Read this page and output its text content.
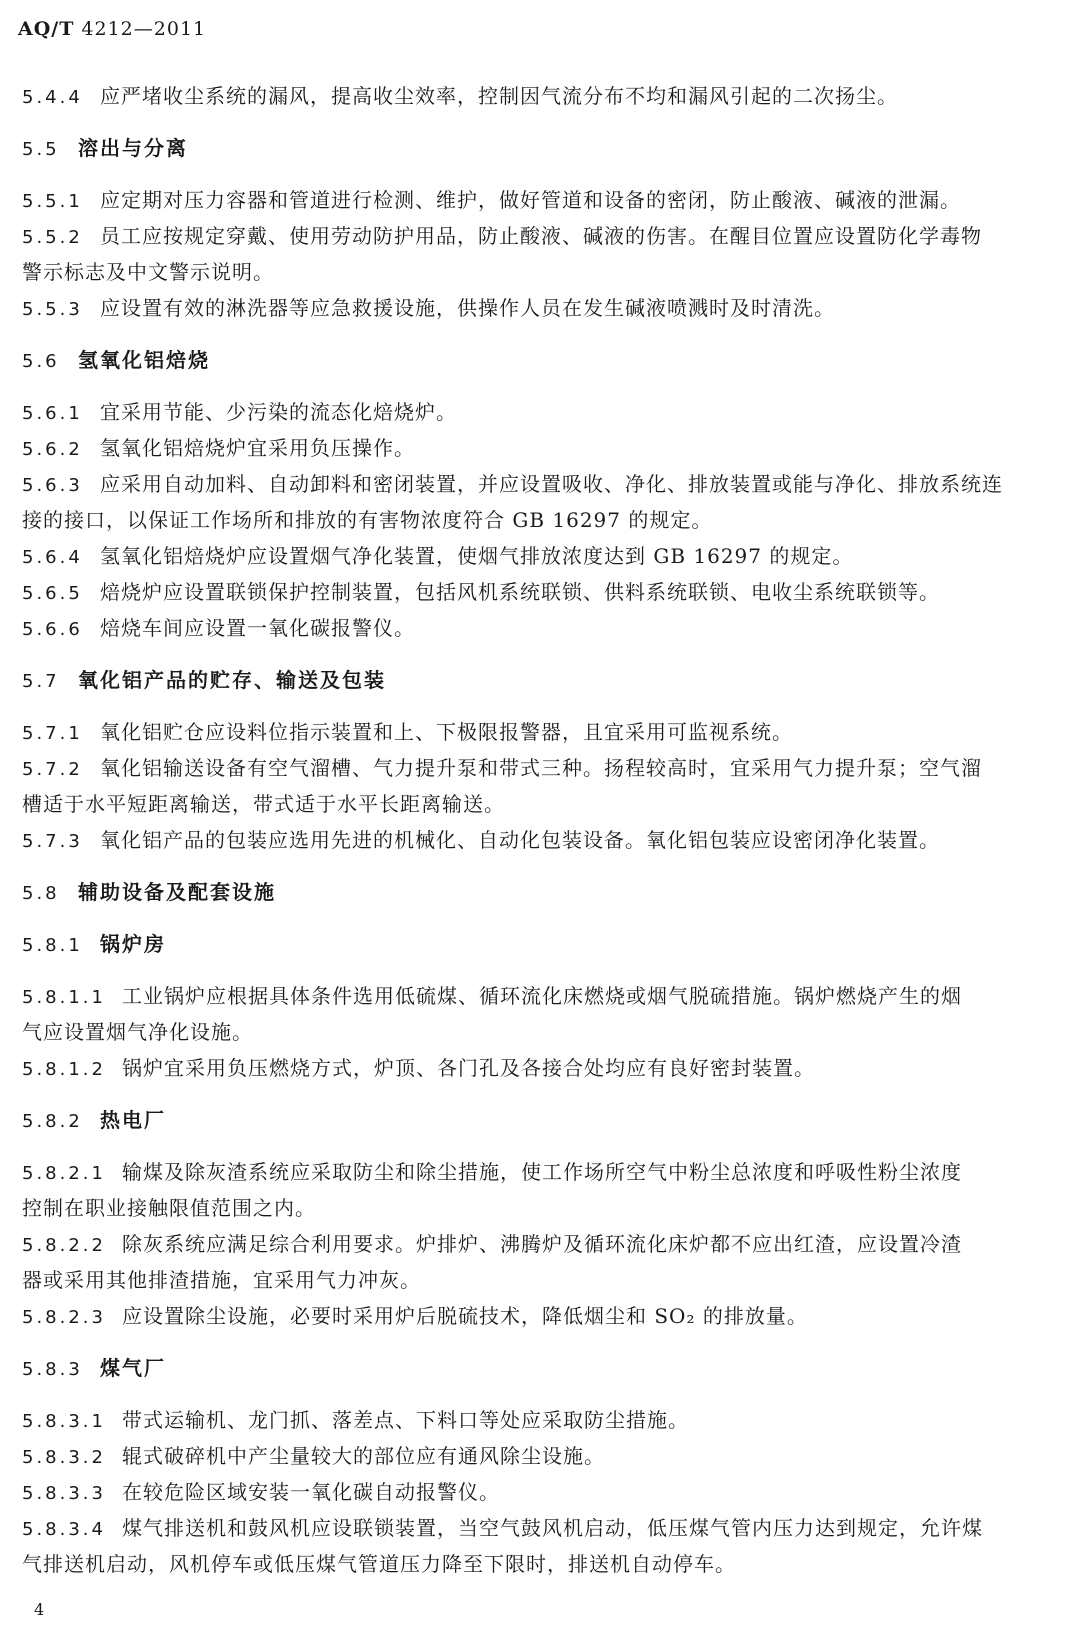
AQ/T 4212—2011
5.4.4 应严堵收尘系统的漏风，提高收尘效率，控制因气流分布不均和漏风引起的二次扬尘。
5.5 溶出与分离
5.5.1 应定期对压力容器和管道进行检测、维护，做好管道和设备的密闭，防止酸液、碱液的泄漏。
5.5.2 员工应按规定穿戴、使用劳动防护用品，防止酸液、碱液的伤害。在醒目位置应设置防化学毒物
警示标志及中文警示说明。
5.5.3 应设置有效的淋洗器等应急救援设施，供操作人员在发生碱液喷溅时及时清洗。
5.6 氢氧化铝焙烧
5.6.1 宜采用节能、少污染的流态化焙烧炉。
5.6.2 氢氧化铝焙烧炉宜采用负压操作。
5.6.3 应采用自动加料、自动卸料和密闭装置，并应设置吸收、净化、排放装置或能与净化、排放系统连
接的接口，以保证工作场所和排放的有害物浓度符合 GB 16297 的规定。
5.6.4 氢氧化铝焙烧炉应设置烟气净化装置，使烟气排放浓度达到 GB 16297 的规定。
5.6.5 焙烧炉应设置联锁保护控制装置，包括风机系统联锁、供料系统联锁、电收尘系统联锁等。
5.6.6 焙烧车间应设置一氧化碳报警仪。
5.7 氧化铝产品的贮存、输送及包装
5.7.1 氧化铝贮仓应设料位指示装置和上、下极限报警器，且宜采用可监视系统。
5.7.2 氧化铝输送设备有空气溜槽、气力提升泵和带式三种。扬程较高时，宜采用气力提升泵；空气溜
槽适于水平短距离输送，带式适于水平长距离输送。
5.7.3 氧化铝产品的包装应选用先进的机械化、自动化包装设备。氧化铝包装应设密闭净化装置。
5.8 辅助设备及配套设施
5.8.1 锅炉房
5.8.1.1 工业锅炉应根据具体条件选用低硫煤、循环流化床燃烧或烟气脱硫措施。锅炉燃烧产生的烟
气应设置烟气净化设施。
5.8.1.2 锅炉宜采用负压燃烧方式，炉顶、各门孔及各接合处均应有良好密封装置。
5.8.2 热电厂
5.8.2.1 输煤及除灰渣系统应采取防尘和除尘措施，使工作场所空气中粉尘总浓度和呼吸性粉尘浓度
控制在职业接触限值范围之内。
5.8.2.2 除灰系统应满足综合利用要求。炉排炉、沸腾炉及循环流化床炉都不应出红渣，应设置冷渣
器或采用其他排渣措施，宜采用气力冲灰。
5.8.2.3 应设置除尘设施，必要时采用炉后脱硫技术，降低烟尘和 SO₂ 的排放量。
5.8.3 煤气厂
5.8.3.1 带式运输机、龙门抓、落差点、下料口等处应采取防尘措施。
5.8.3.2 辊式破碎机中产尘量较大的部位应有通风除尘设施。
5.8.3.3 在较危险区域安装一氧化碳自动报警仪。
5.8.3.4 煤气排送机和鼓风机应设联锁装置，当空气鼓风机启动，低压煤气管内压力达到规定，允许煤
气排送机启动，风机停车或低压煤气管道压力降至下限时，排送机自动停车。
4
